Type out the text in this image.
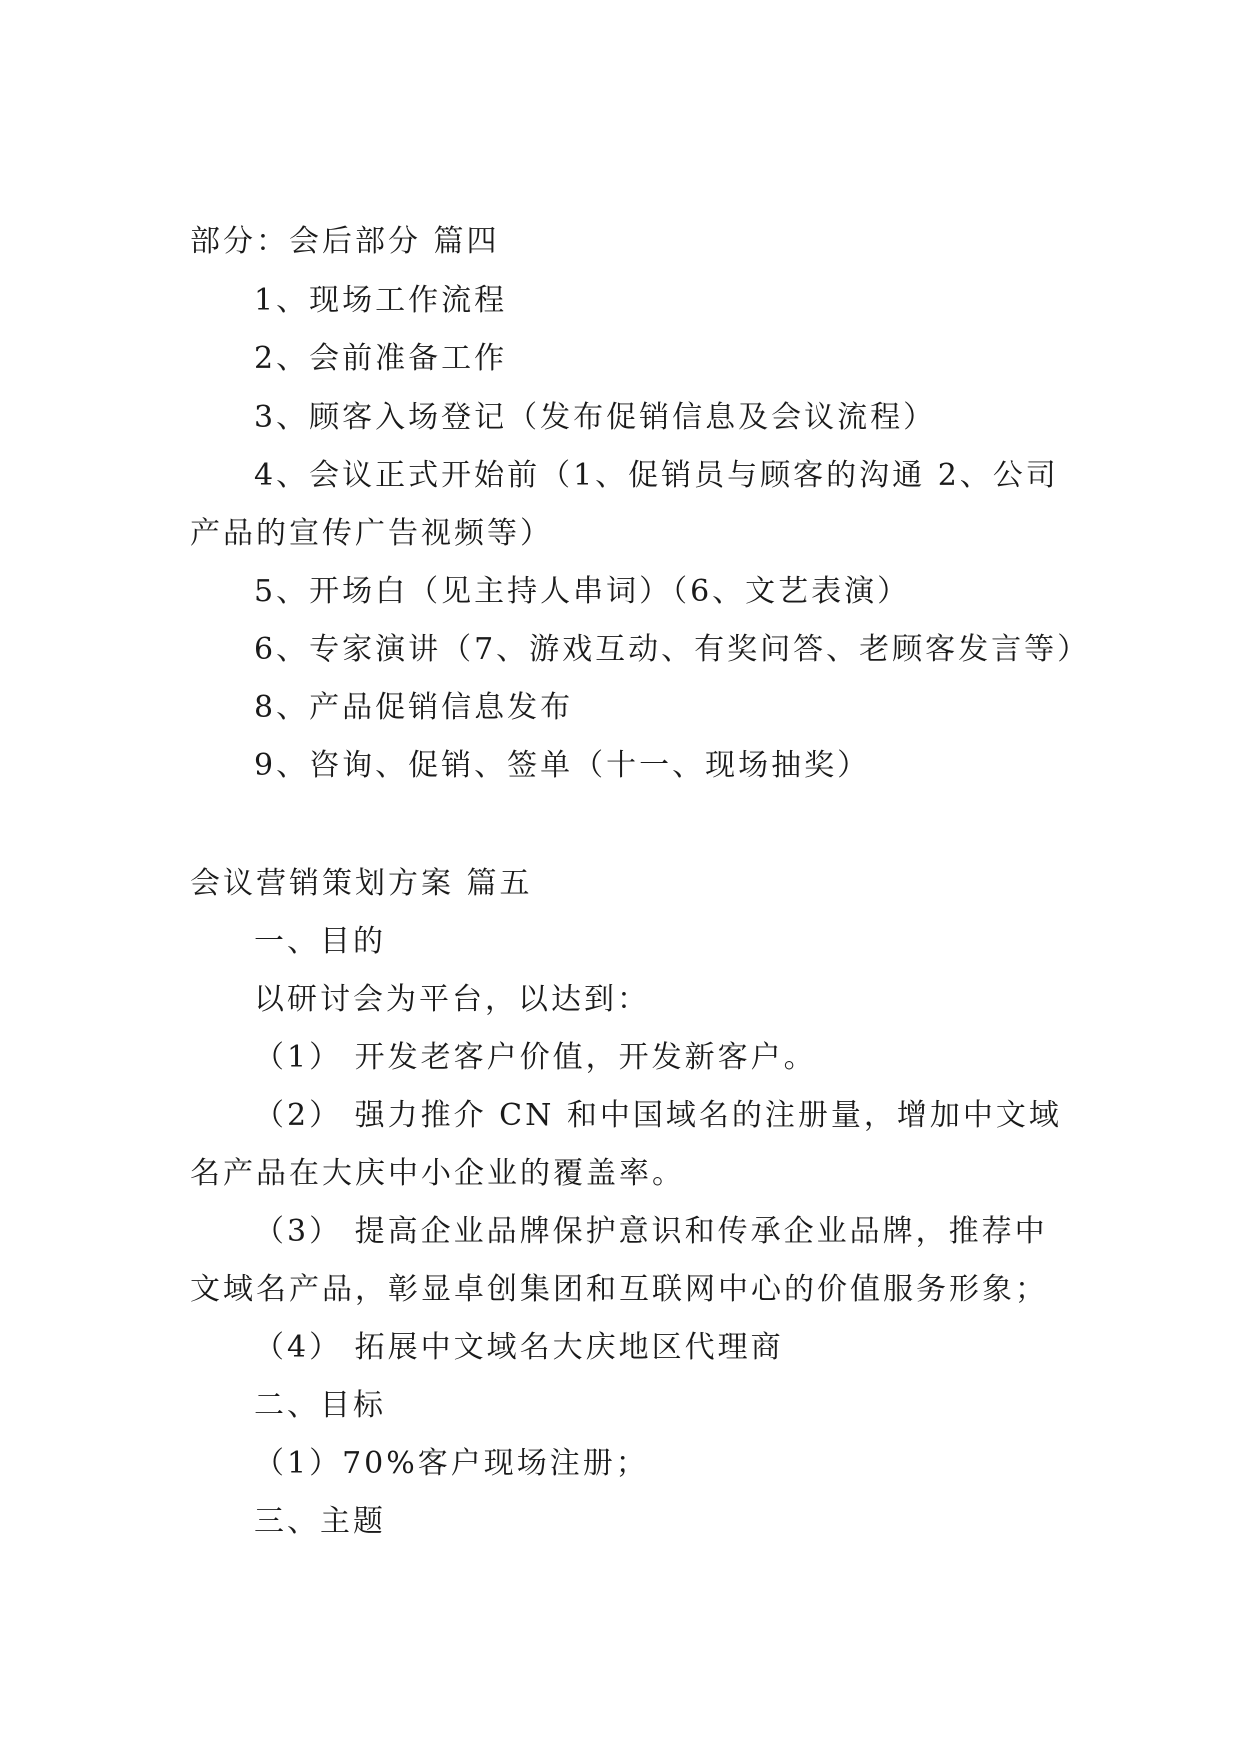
部分：会后部分 篇四
1、现场工作流程
2、会前准备工作
3、顾客入场登记（发布促销信息及会议流程）
4、会议正式开始前（1、促销员与顾客的沟通 2、公司
产品的宣传广告视频等）
5、开场白（见主持人串词）（6、文艺表演）
6、专家演讲（7、游戏互动、有奖问答、老顾客发言等）
8、产品促销信息发布
9、咨询、促销、签单（十一、现场抽奖）
会议营销策划方案 篇五
一、目的
以研讨会为平台，以达到：
（1） 开发老客户价值，开发新客户。
（2） 强力推介 CN 和中国域名的注册量，增加中文域
名产品在大庆中小企业的覆盖率。
（3） 提高企业品牌保护意识和传承企业品牌，推荐中
文域名产品，彰显卓创集团和互联网中心的价值服务形象；
（4） 拓展中文域名大庆地区代理商
二、目标
（1）70%客户现场注册；
三、主题
